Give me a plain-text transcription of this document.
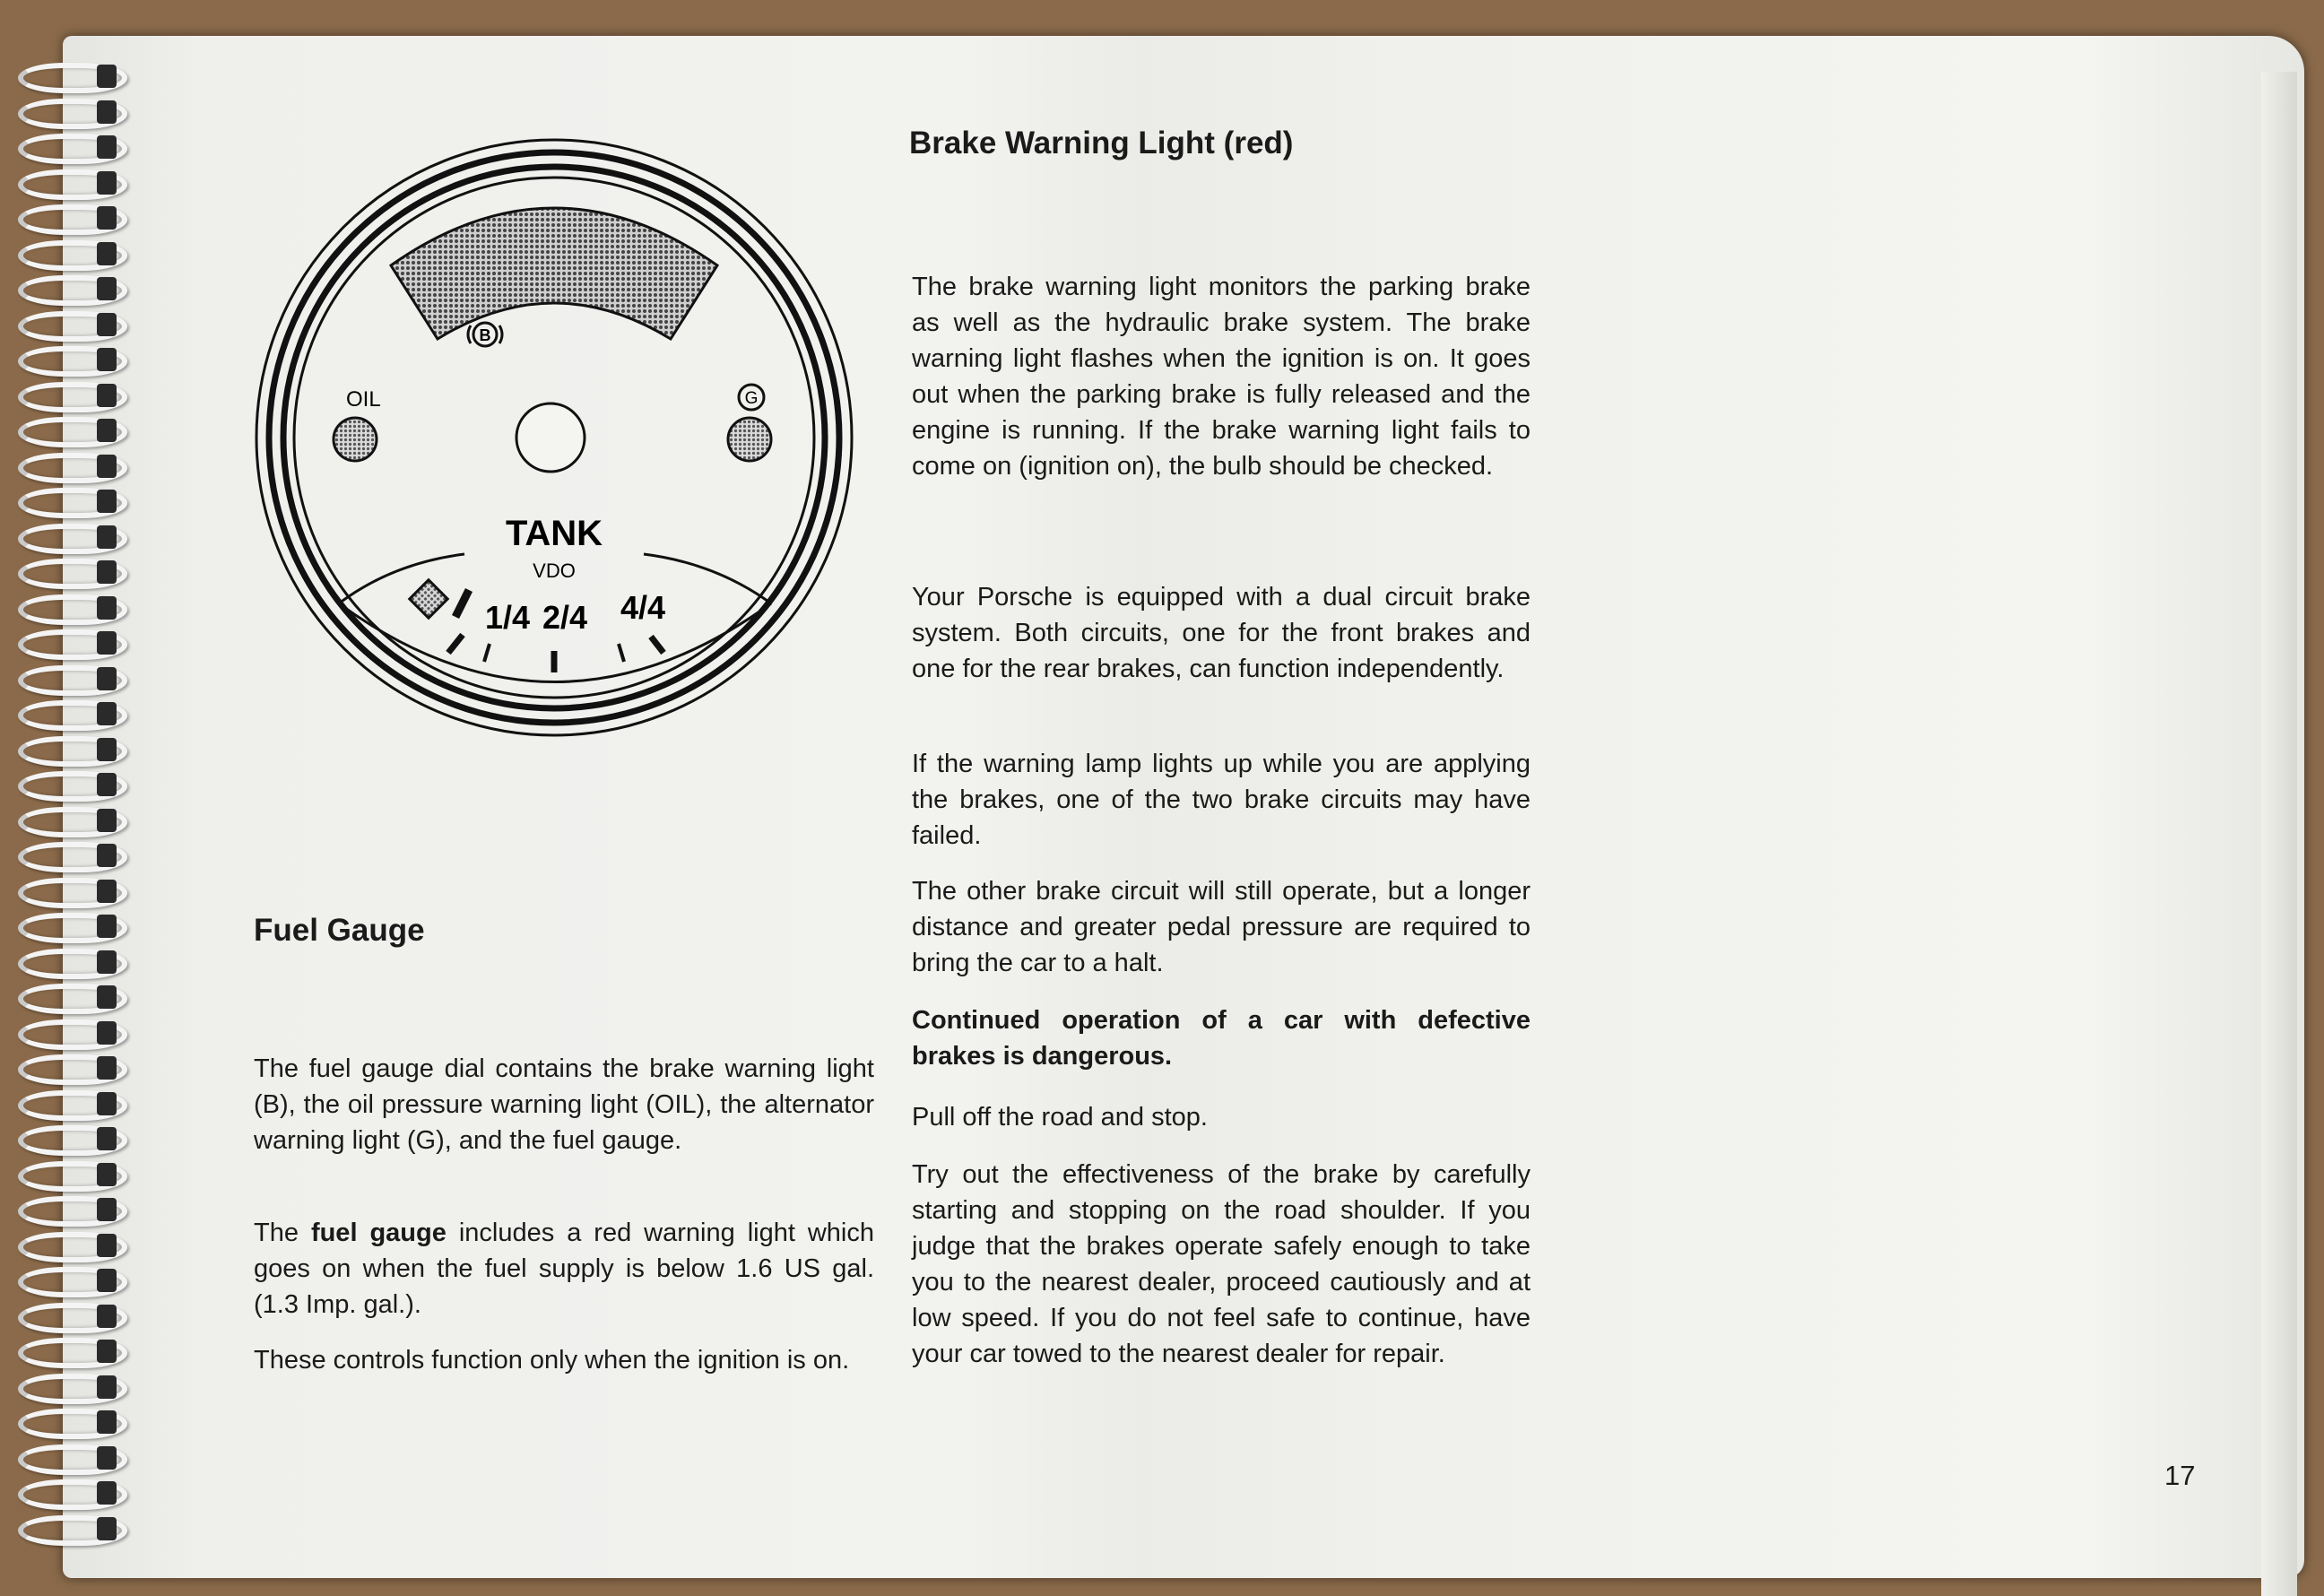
B
OIL	G
TANK
VDO
1/4 2/4 4/4
Fuel Gauge

The fuel gauge dial contains the brake warning light (B), the oil pressure warning light (OIL), the alternator warning light (G), and the fuel gauge.

The fuel gauge includes a red warning light which goes on when the fuel supply is below 1.6 US gal. (1.3 Imp. gal.).

These controls function only when the ignition is on.

Brake Warning Light (red)

The brake warning light monitors the parking brake as well as the hydraulic brake system. The brake warning light flashes when the ignition is on. It goes out when the parking brake is fully released and the engine is running. If the brake warning light fails to come on (ignition on), the bulb should be checked.

Your Porsche is equipped with a dual circuit brake system. Both circuits, one for the front brakes and one for the rear brakes, can function independently.

If the warning lamp lights up while you are applying the brakes, one of the two brake circuits may have failed.

The other brake circuit will still operate, but a longer distance and greater pedal pressure are required to bring the car to a halt.

Continued operation of a car with defective brakes is dangerous.

Pull off the road and stop.

Try out the effectiveness of the brake by carefully starting and stopping on the road shoulder. If you judge that the brakes operate safely enough to take you to the nearest dealer, proceed cautiously and at low speed. If you do not feel safe to continue, have your car towed to the nearest dealer for repair.

17
